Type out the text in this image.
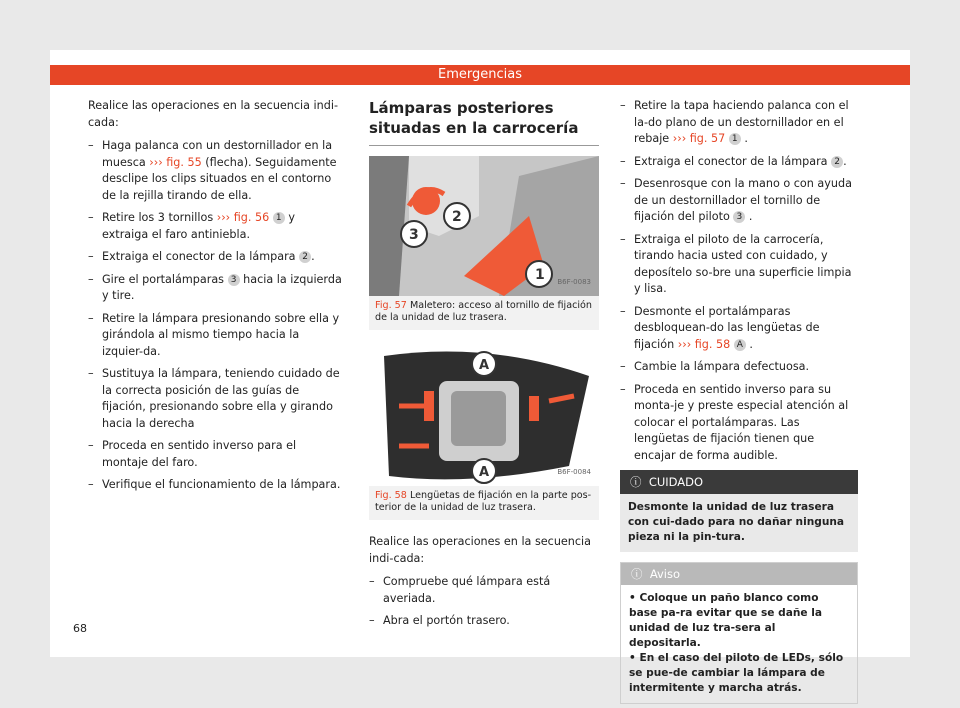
Emergencias

Realice las operaciones en la secuencia indi-cada:

– Haga palanca con un destornillador en la muesca ››› fig. 55 (flecha). Seguidamente desclipe los clips situados en el contorno de la rejilla tirando de ella.
– Retire los 3 tornillos ››› fig. 56 1 y extraiga el faro antiniebla.
– Extraiga el conector de la lámpara 2 .
– Gire el portalámparas 3 hacia la izquierda y tire.
– Retire la lámpara presionando sobre ella y girándola al mismo tiempo hacia la izquier-da.
– Sustituya la lámpara, teniendo cuidado de la correcta posición de las guías de fijación, presionando sobre ella y girando hacia la derecha
– Proceda en sentido inverso para el montaje del faro.
– Verifique el funcionamiento de la lámpara.
Lámparas posteriores situadas en la carrocería
2
3
1 B6F-0083
Fig. 57 Maletero: acceso al tornillo de fijación de la unidad de luz trasera.
A
A	B6F-0084
Fig. 58 Lengüetas de fijación en la parte pos-terior de la unidad de luz trasera.

Realice las operaciones en la secuencia indi-cada:

– Compruebe qué lámpara está averiada.
– Abra el portón trasero.
– Retire la tapa haciendo palanca con el la-do plano de un destornillador en el rebaje ››› fig. 57 1 .
– Extraiga el conector de la lámpara 2 .
– Desenrosque con la mano o con ayuda de un destornillador el tornillo de fijación del piloto 3 .
– Extraiga el piloto de la carrocería, tirando hacia usted con cuidado, y deposítelo so-bre una superficie limpia y lisa.
– Desmonte el portalámparas desbloquean-do las lengüetas de fijación ››› fig. 58 A .
– Cambie la lámpara defectuosa.
– Proceda en sentido inverso para su monta-je y preste especial atención al colocar el portalámparas. Las lengüetas de fijación tienen que encajar de forma audible.
ⓘ CUIDADO
Desmonte la unidad de luz trasera con cui-dado para no dañar ninguna pieza ni la pin-tura.
ⓘ Aviso
• Coloque un paño blanco como base pa-ra evitar que se dañe la unidad de luz tra-sera al depositarla.
• En el caso del piloto de LEDs, sólo se pue-de cambiar la lámpara de intermitente y marcha atrás.
68
